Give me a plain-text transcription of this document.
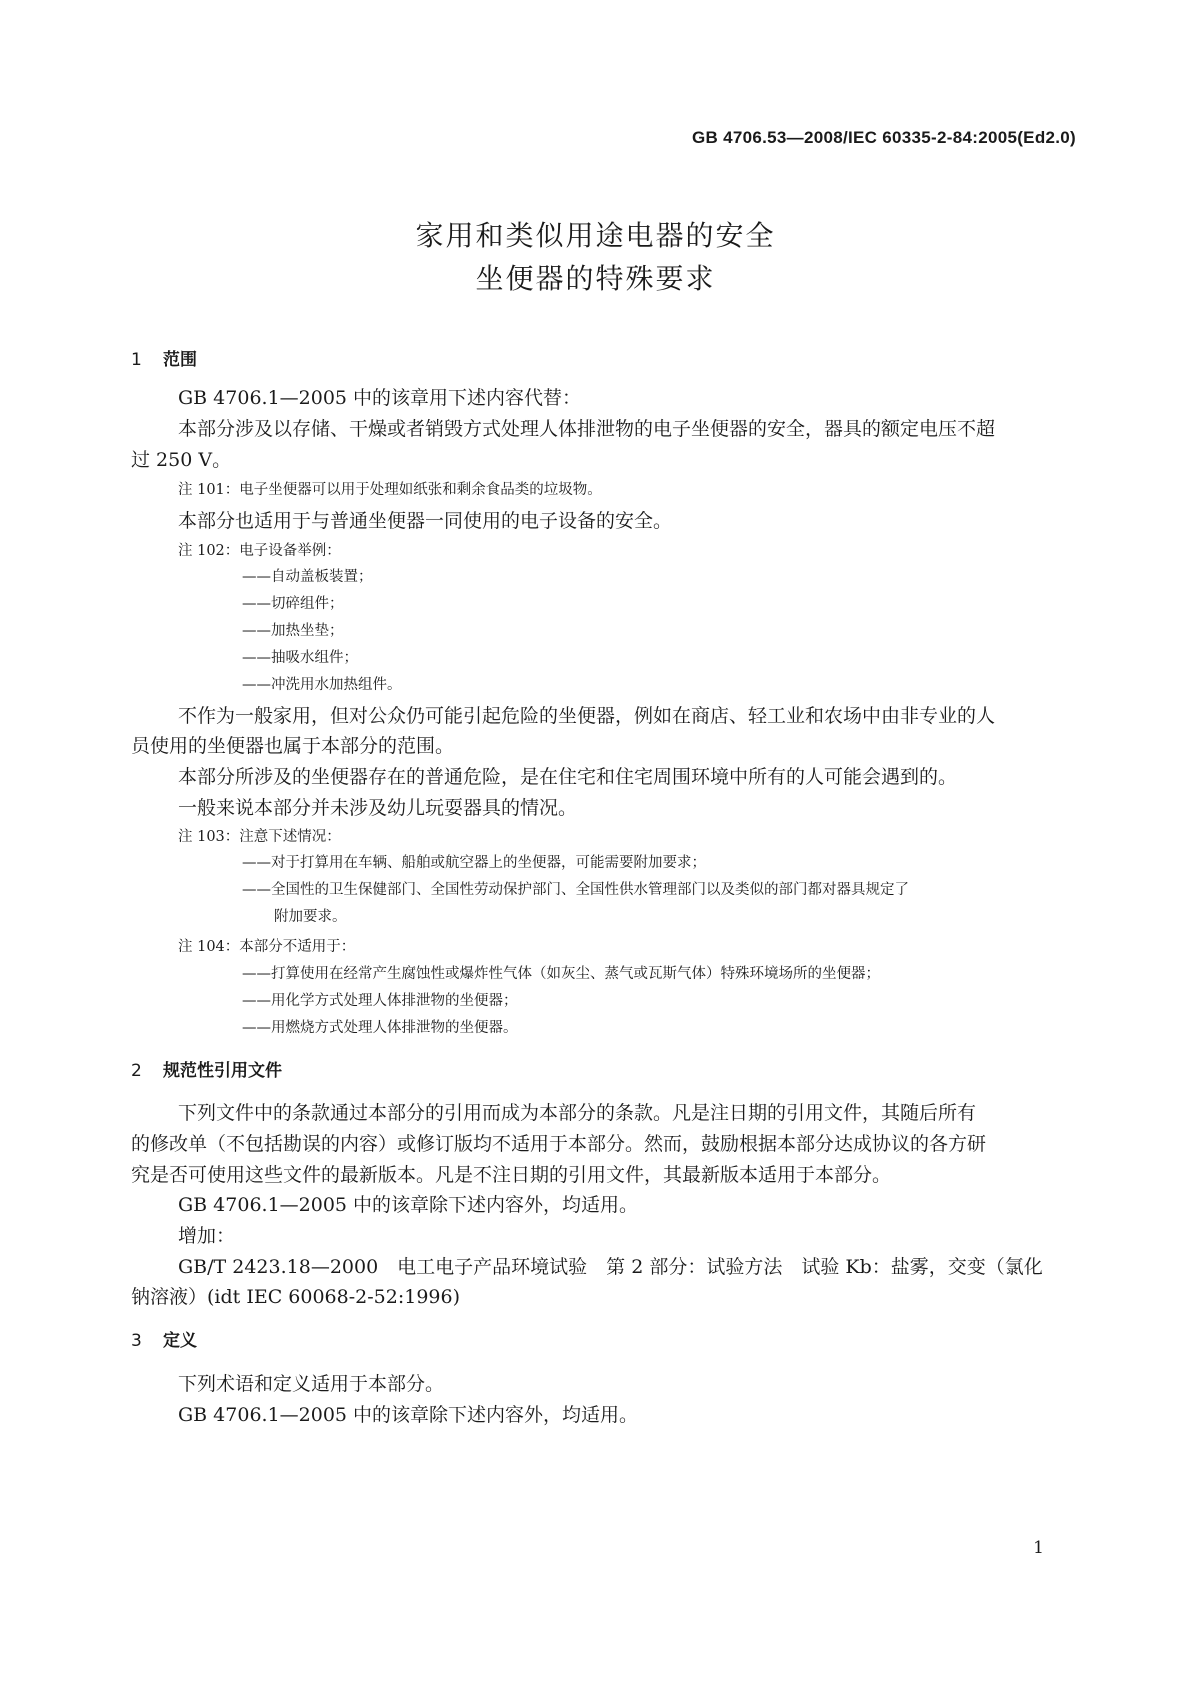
GB 4706.53—2008/IEC 60335-2-84:2005(Ed2.0)
家用和类似用途电器的安全
坐便器的特殊要求
1 范围

GB 4706.1—2005 中的该章用下述内容代替：

本部分涉及以存储、干燥或者销毁方式处理人体排泄物的电子坐便器的安全，器具的额定电压不超

过 250 V。

注 101：电子坐便器可以用于处理如纸张和剩余食品类的垃圾物。

本部分也适用于与普通坐便器一同使用的电子设备的安全。

注 102：电子设备举例：

——自动盖板装置；

——切碎组件；

——加热坐垫；

——抽吸水组件；

——冲洗用水加热组件。

不作为一般家用，但对公众仍可能引起危险的坐便器，例如在商店、轻工业和农场中由非专业的人

员使用的坐便器也属于本部分的范围。

本部分所涉及的坐便器存在的普通危险，是在住宅和住宅周围环境中所有的人可能会遇到的。

一般来说本部分并未涉及幼儿玩耍器具的情况。

注 103：注意下述情况：

——对于打算用在车辆、船舶或航空器上的坐便器，可能需要附加要求；

——全国性的卫生保健部门、全国性劳动保护部门、全国性供水管理部门以及类似的部门都对器具规定了

附加要求。

注 104：本部分不适用于：

——打算使用在经常产生腐蚀性或爆炸性气体（如灰尘、蒸气或瓦斯气体）特殊环境场所的坐便器；

——用化学方式处理人体排泄物的坐便器；

——用燃烧方式处理人体排泄物的坐便器。

2 规范性引用文件

下列文件中的条款通过本部分的引用而成为本部分的条款。凡是注日期的引用文件，其随后所有

的修改单（不包括勘误的内容）或修订版均不适用于本部分。然而，鼓励根据本部分达成协议的各方研

究是否可使用这些文件的最新版本。凡是不注日期的引用文件，其最新版本适用于本部分。

GB 4706.1—2005 中的该章除下述内容外，均适用。

增加：

GB/T 2423.18—2000　电工电子产品环境试验　第 2 部分：试验方法　试验 Kb：盐雾，交变（氯化

钠溶液）(idt IEC 60068-2-52:1996)

3 定义

下列术语和定义适用于本部分。

GB 4706.1—2005 中的该章除下述内容外，均适用。

1
